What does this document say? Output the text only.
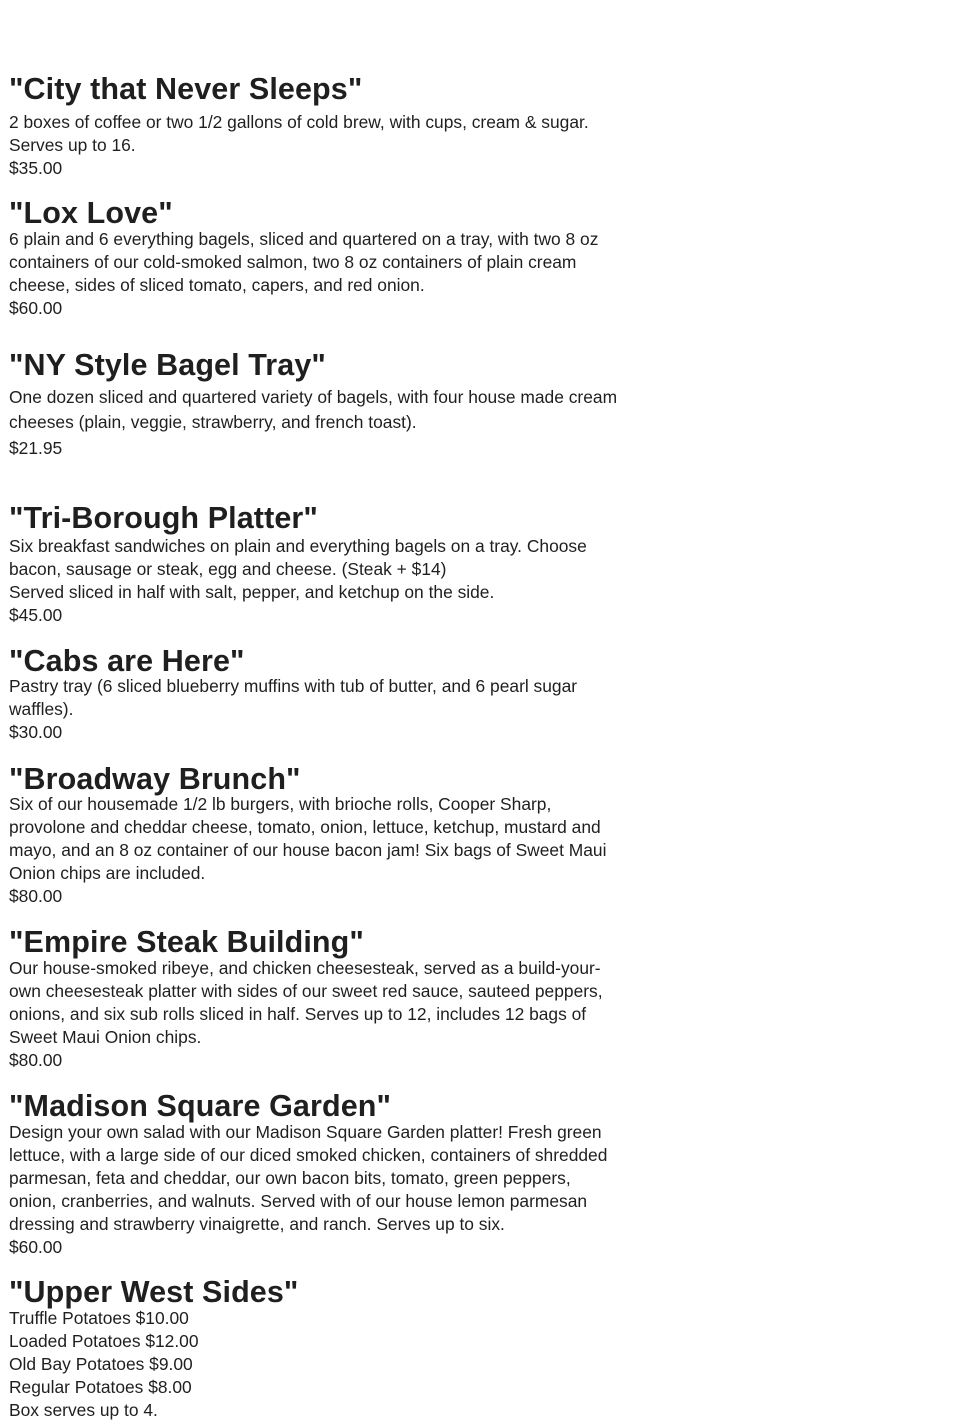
"City that Never Sleeps"

2 boxes of coffee or two 1/2 gallons of cold brew, with cups, cream & sugar.
Serves up to 16.

$35.00

"Lox Love"

6 plain and 6 everything bagels, sliced and quartered on a tray, with two 8 oz
containers of our cold-smoked salmon, two 8 oz containers of plain cream
cheese, sides of sliced tomato, capers, and red onion.

$60.00

"NY Style Bagel Tray"

One dozen sliced and quartered variety of bagels, with four house made cream
cheeses (plain, veggie, strawberry, and french toast).

$21.95

"Tri-Borough Platter"

Six breakfast sandwiches on plain and everything bagels on a tray. Choose
bacon, sausage or steak, egg and cheese. (Steak + $14)
Served sliced in half with salt, pepper, and ketchup on the side.

$45.00

"Cabs are Here"

Pastry tray (6 sliced blueberry muffins with tub of butter, and 6 pearl sugar
waffles).

$30.00

"Broadway Brunch"

Six of our housemade 1/2 lb burgers, with brioche rolls, Cooper Sharp,
provolone and cheddar cheese, tomato, onion, lettuce, ketchup, mustard and
mayo, and an 8 oz container of our house bacon jam! Six bags of Sweet Maui
Onion chips are included.

$80.00

"Empire Steak Building"

Our house-smoked ribeye, and chicken cheesesteak, served as a build-your-
own cheesesteak platter with sides of our sweet red sauce, sauteed peppers,
onions, and six sub rolls sliced in half. Serves up to 12, includes 12 bags of
Sweet Maui Onion chips.

$80.00

"Madison Square Garden"

Design your own salad with our Madison Square Garden platter! Fresh green
lettuce, with a large side of our diced smoked chicken, containers of shredded
parmesan, feta and cheddar, our own bacon bits, tomato, green peppers,
onion, cranberries, and walnuts. Served with of our house lemon parmesan
dressing and strawberry vinaigrette, and ranch. Serves up to six.

$60.00

"Upper West Sides"

Truffle Potatoes $10.00
Loaded Potatoes $12.00
Old Bay Potatoes $9.00
Regular Potatoes $8.00
Box serves up to 4.
